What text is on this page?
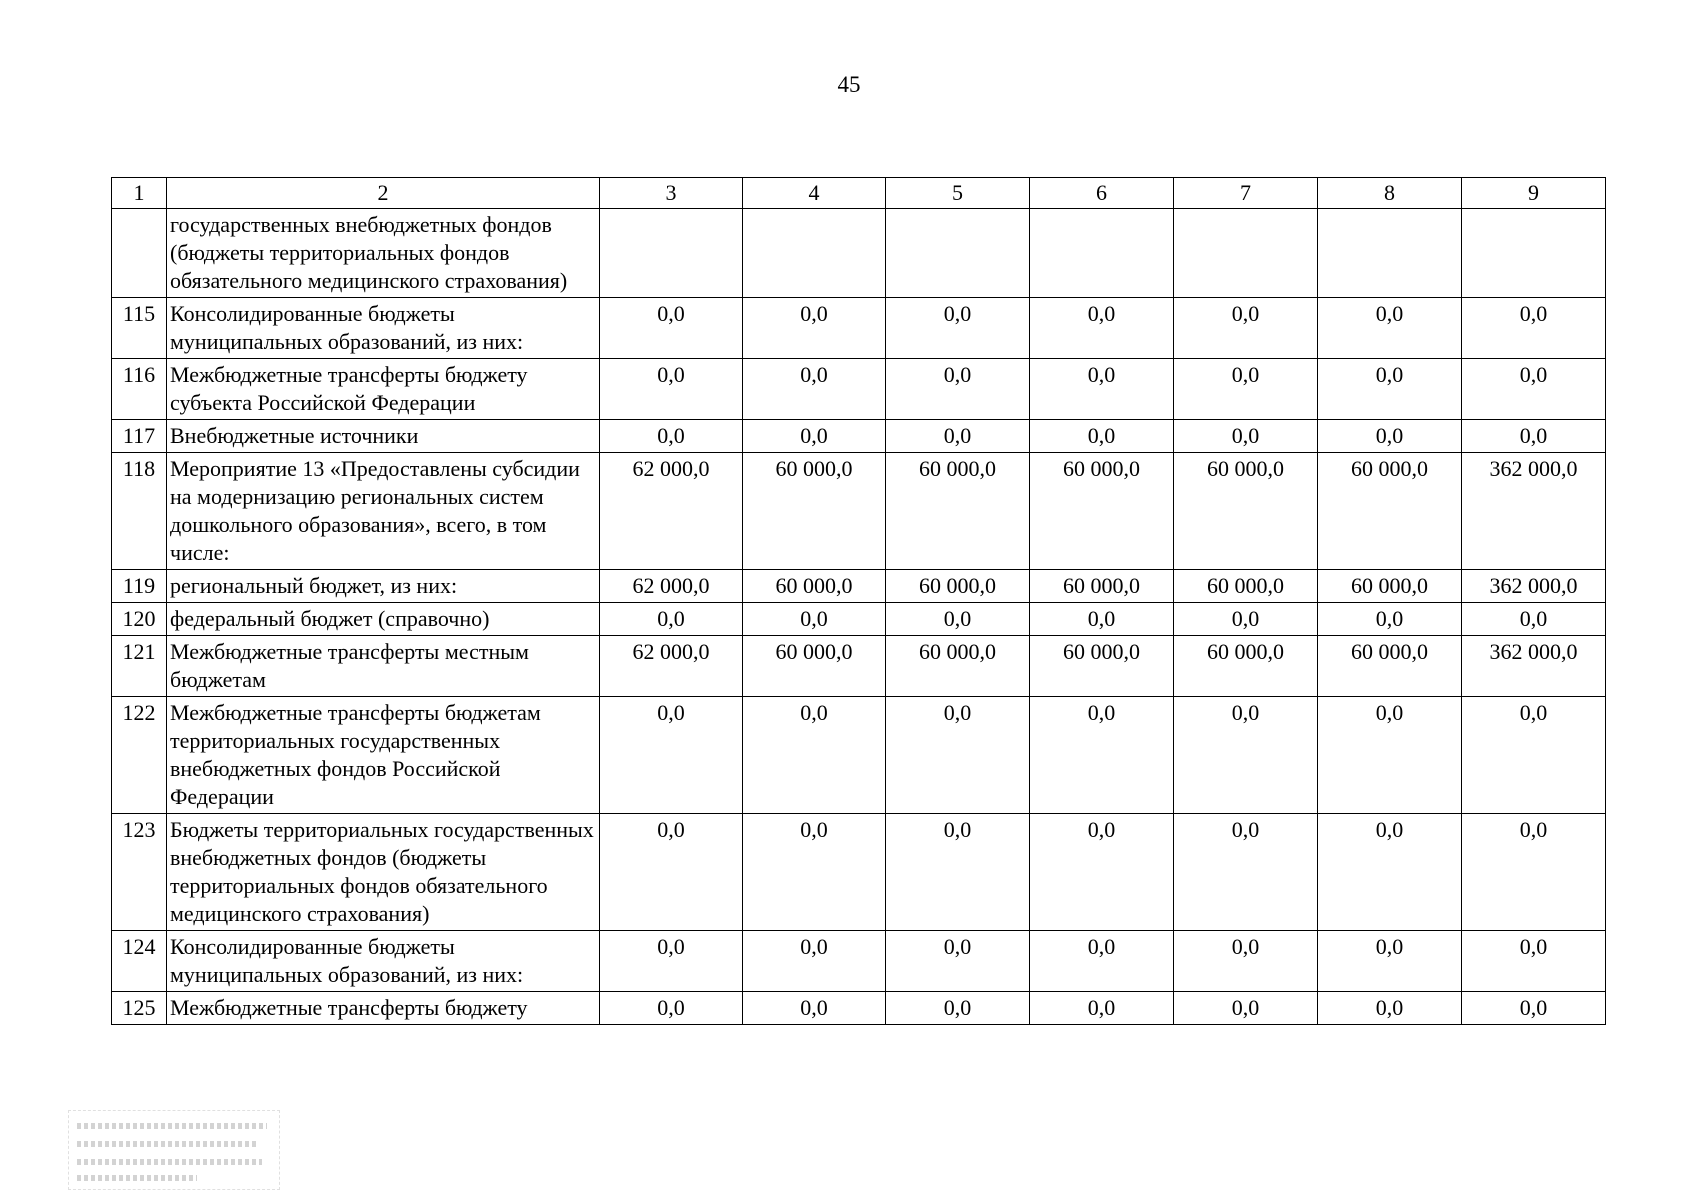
45
1	2	3	4	5	6	7	8	9
	государственных внебюджетных фондов (бюджеты территориальных фондов обязательного медицинского страхования)							
115	Консолидированные бюджеты муниципальных образований, из них:	0,0	0,0	0,0	0,0	0,0	0,0	0,0
116	Межбюджетные трансферты бюджету субъекта Российской Федерации	0,0	0,0	0,0	0,0	0,0	0,0	0,0
117	Внебюджетные источники	0,0	0,0	0,0	0,0	0,0	0,0	0,0
118	Мероприятие 13 «Предоставлены субсидии на модернизацию региональных систем дошкольного образования», всего, в том числе:	62 000,0	60 000,0	60 000,0	60 000,0	60 000,0	60 000,0	362 000,0
119	региональный бюджет, из них:	62 000,0	60 000,0	60 000,0	60 000,0	60 000,0	60 000,0	362 000,0
120	федеральный бюджет (справочно)	0,0	0,0	0,0	0,0	0,0	0,0	0,0
121	Межбюджетные трансферты местным бюджетам	62 000,0	60 000,0	60 000,0	60 000,0	60 000,0	60 000,0	362 000,0
122	Межбюджетные трансферты бюджетам территориальных государственных внебюджетных фондов Российской Федерации	0,0	0,0	0,0	0,0	0,0	0,0	0,0
123	Бюджеты территориальных государственных внебюджетных фондов (бюджеты территориальных фондов обязательного медицинского страхования)	0,0	0,0	0,0	0,0	0,0	0,0	0,0
124	Консолидированные бюджеты муниципальных образований, из них:	0,0	0,0	0,0	0,0	0,0	0,0	0,0
125	Межбюджетные трансферты бюджету	0,0	0,0	0,0	0,0	0,0	0,0	0,0
